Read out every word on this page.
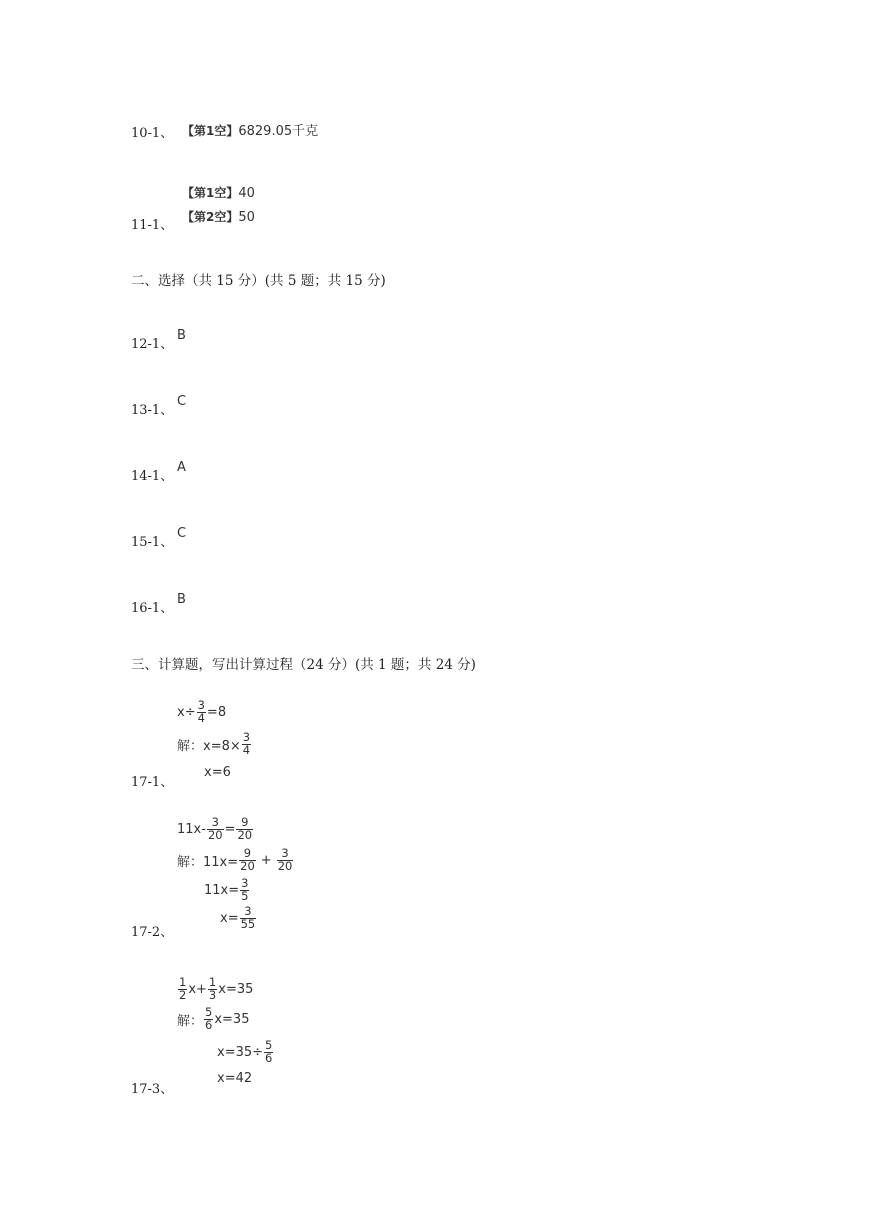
10-1、 【第1空】6829.05千克
【第1空】40
11-1、
【第2空】50
二、选择（共 15 分）(共 5 题；共 15 分)
12-1、
B
13-1、
C
14-1、
A
15-1、
C
16-1、
B
三、计算题，写出计算过程（24 分）(共 1 题；共 24 分)
$x\div \frac{3}{4} =8$
解：$x=8\times \frac{3}{4}$
x=6
17-1、
$11x- \frac{3}{20} = \frac{9}{20}$
解：$11x= \frac{9}{20} + \frac{3}{20}$
$11x= \frac{3}{5}$
$x= \frac{3}{55}$
17-2、
$\frac{1}{2} x+ \frac{1}{3} x=35$
解： $\frac{5}{6} x=35$
$x=35\div \frac{5}{6}$
x=42
17-3、
